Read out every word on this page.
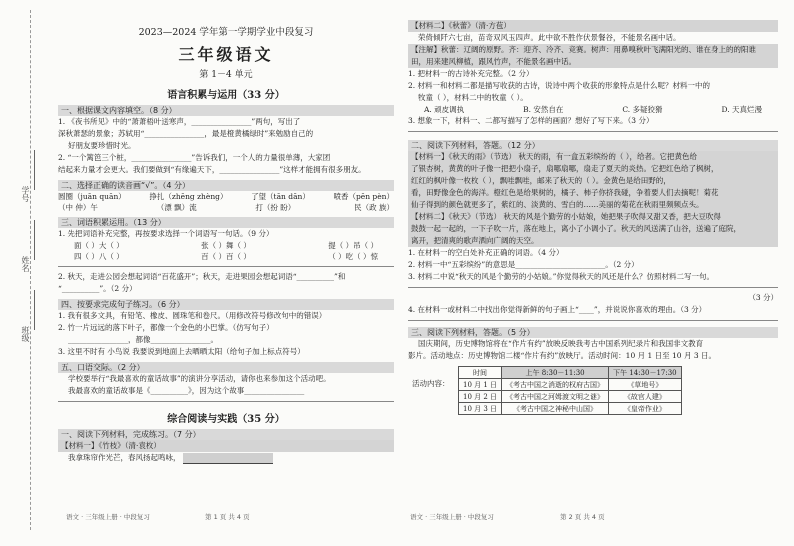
学号
姓名
班级
2023—2024 学年第一学期学业中段复习
三年级语文
第 1－4 单元
语言积累与运用（33 分）
一、根据课文内容填空。（8 分）
1. 《夜书所见》中的“萧萧梧叶送寒声，________________”两句，写出了
深秋萧瑟的景象；苏轼用“________________，最是橙黄橘绿时”来勉励自己的
好朋友要珍惜时光。
2. “一个篱笆三个桩，________________”告诉我们，一个人的力量很单薄，大家团
结起来力量才会更大。我们要做到“有缘遍天下，________________”这样才能拥有很多朋友。
二、选择正确的读音画“√”。（4 分）
圆圈（juān quān）	挣扎（zhēng zhèng）	了望（tān dān）	喷香（pēn pèn）
（中 仲）午	（漂 飘）流	打（扮 盼）	民（政 族）
三、词语积累运用。（13 分）
1. 先把词语补充完整，再按要求选择一个词语写一句话。（9 分）
面（ ）大（ ）	张（ ）舞（ ）	提（ ）吊（ ）
四（ ）八（ ）	百（ ）百（ ）	（ ）吃（ ）惊
2. 秋天，走进公园会想起词语“百花盛开”；秋天，走进果园会想起词语“__________”和
“__________”。（2 分）
四、按要求完成句子练习。（6 分）
1. 我有很多文具，有铅笔、橡皮、圆珠笔和卷尺。（用修改符号修改句中的错误）
2. 竹一片远远的落下叶子，都像一个金色的小巴掌。（仿写句子）
________________，都像________________。
3. 这里不时有 小鸟说 我要说到地面上去晒晒太阳（给句子加上标点符号）
五、口语交际。（2 分）
学校要举行“我最喜欢的童话故事”的演讲分享活动，请你也来参加这个活动吧。
我最喜欢的童话故事是《__________》，因为这个故事________________
综合阅读与实践（35 分）
一、阅读下列材料，完成练习。（7 分）
【材料一】《竹枝》（清·袁枚）
我拿珠帘作光芒，春风扬起鸣咏，
【材料二】《秋蕾》（清·方苞）
荣倚倾阡六七亩，苗奇双风玉四声。此中欲不胜作伏景餐谷，不能景名画中话。
【注解】秋蕾：辽阔的原野。齐：迎齐、冷齐、竞赛。树声：用鼻嗅秋叶飞满阳光的、谁在身上的的阳谁
田，用来建风柳植，跟风竹声，不能景名画中话。
1. 把材料一的古诗补充完整。（2 分）
2. 材料一和材料二都是描写收获的古诗，说诗中两个收获的形象特点是什么呢？材料一中的
牧童（ ），材料二中的牧童（ ）。
A. 顽皮调执	B. 安然自在	C. 多疑狡猾	D. 天真烂漫
3. 想象一下，材料一、二都写描写了怎样的画面？想好了写下来。（3 分）
二、阅读下列材料，答题。（12 分）
【材料一】《秋天的雨》（节选） 秋天的雨，有一盒五彩缤纷的（ ），给者。它把黄色给
了银杏树，黄黄的叶子像一把把小扇子，扇哪扇哪，扇走了夏天的炎热。它把红色给了枫树，
红红的枫叶像一枚枚（ ），飘哇飘哇，邮来了秋天的（ ）。金黄色是给田野的，
看，田野像金色的海洋。橙红色是给果树的，橘子、柿子你挤我碰，争着要人们去摘呢！菊花
仙子得到的颜色就更多了，紫红的、淡黄的、雪白的……美丽的菊花在秋雨里频频点头。
【材料二】《秋天》（节选） 秋天的风是个勤劳的小姑娘，她把果子吹得又甜又香，把大豆吹得
鼓鼓一起一起的，一下子吹一片，落在地上，离小了小调小了。秋天的风送满了山谷，送遍了庭院，
离开，把清爽的歌声洒向广阔的天空。
1. 在材料一的空白处补充正确的词语。（4 分）
2. 材料一中“五彩缤纷”的意思是________________________。（2 分）
3. 材料二中说“秋天的风是个勤劳的小姑娘。”你觉得秋天的风还是什么？仿照材料二写一句。
（3 分）
4. 在材料一或材料二中找出你觉得新鲜的句子画上“____”，并说说你喜欢的理由。（3 分）
三、阅读下列材料，答题。（5 分）
国庆期间，历史博物馆将在“作片有约”放映反映我考古中国系列纪录片和我国非文教育
影片。活动地点：历史博物馆二楼“作片有约”放映厅。活动时间：10 月 1 日至 10 月 3 日。
活动内容：
时间	上午 8:30－11:30	下午 14:30－17:30
10 月 1 日	《考古中国之消逝的权府古国》	《草地号》
10 月 2 日	《考古中国之河姆渡文明之谜》	《故官人建》
10 月 3 日	《考古中国之神秘中山国》	《皇帝作业》
语文 · 三年级上册 · 中段复习	第 1 页 共 4 页	语文 · 三年级上册 · 中段复习	第 2 页 共 4 页
